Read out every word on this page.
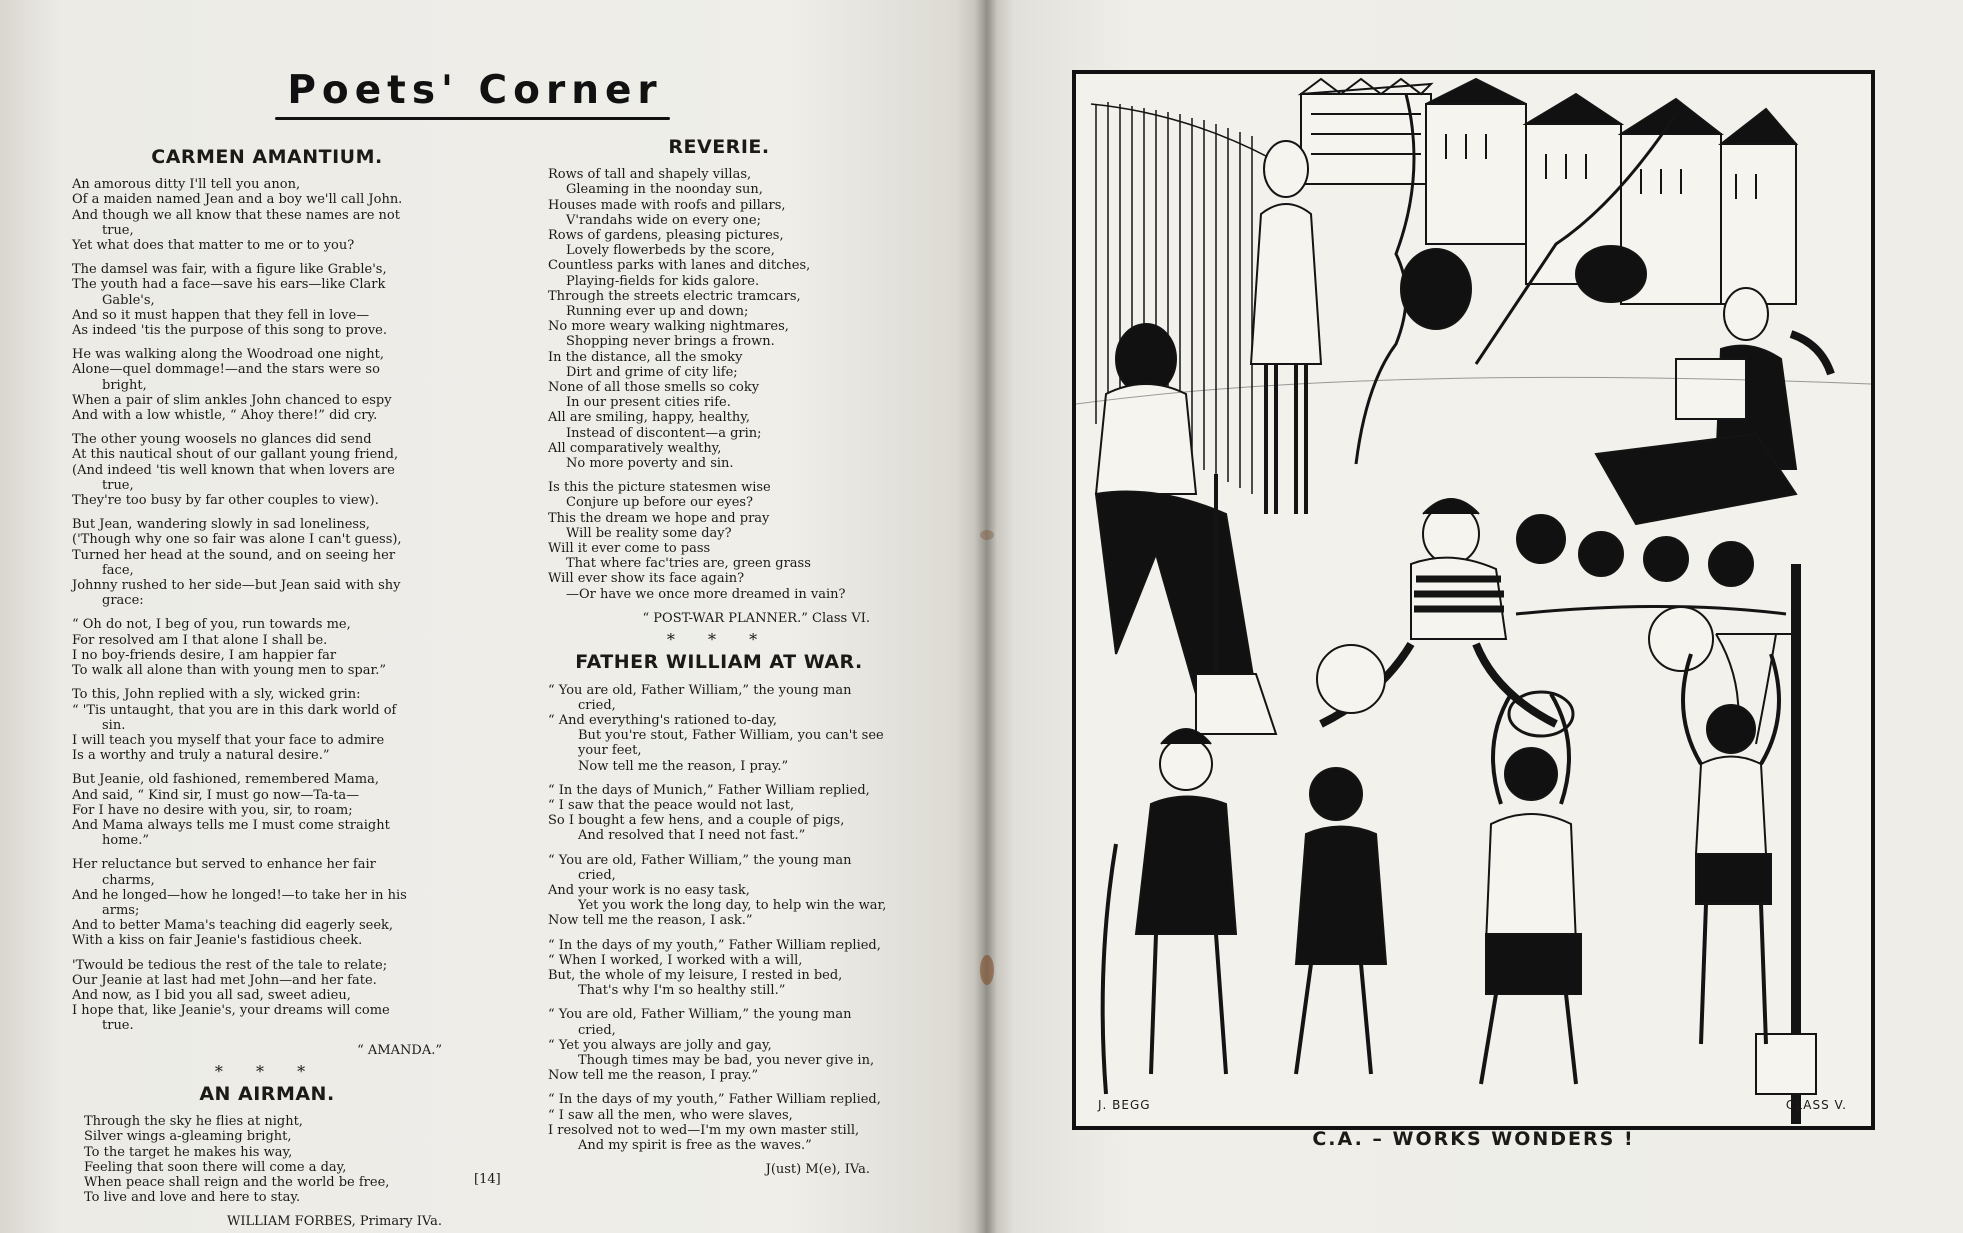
Poets' Corner
CARMEN AMANTIUM.
An amorous ditty I'll tell you anon,
Of a maiden named Jean and a boy we'll call John.
And though we all know that these names are not
true,
Yet what does that matter to me or to you?
The damsel was fair, with a figure like Grable's,
The youth had a face—save his ears—like Clark
Gable's,
And so it must happen that they fell in love—
As indeed 'tis the purpose of this song to prove.
He was walking along the Woodroad one night,
Alone—quel dommage!—and the stars were so
bright,
When a pair of slim ankles John chanced to espy
And with a low whistle, “ Ahoy there!” did cry.
The other young woosels no glances did send
At this nautical shout of our gallant young friend,
(And indeed 'tis well known that when lovers are
true,
They're too busy by far other couples to view).
But Jean, wandering slowly in sad loneliness,
('Though why one so fair was alone I can't guess),
Turned her head at the sound, and on seeing her
face,
Johnny rushed to her side—but Jean said with shy
grace:
“ Oh do not, I beg of you, run towards me,
For resolved am I that alone I shall be.
I no boy-friends desire, I am happier far
To walk all alone than with young men to spar.”
To this, John replied with a sly, wicked grin:
“ 'Tis untaught, that you are in this dark world of
sin.
I will teach you myself that your face to admire
Is a worthy and truly a natural desire.”
But Jeanie, old fashioned, remembered Mama,
And said, “ Kind sir, I must go now—Ta-ta—
For I have no desire with you, sir, to roam;
And Mama always tells me I must come straight
home.”
Her reluctance but served to enhance her fair
charms,
And he longed—how he longed!—to take her in his
arms;
And to better Mama's teaching did eagerly seek,
With a kiss on fair Jeanie's fastidious cheek.
'Twould be tedious the rest of the tale to relate;
Our Jeanie at last had met John—and her fate.
And now, as I bid you all sad, sweet adieu,
I hope that, like Jeanie's, your dreams will come
true.
“ AMANDA.”
* * *
AN AIRMAN.
Through the sky he flies at night,
Silver wings a-gleaming bright,
To the target he makes his way,
Feeling that soon there will come a day,
When peace shall reign and the world be free,
To live and love and here to stay.
WILLIAM FORBES, Primary IVa.
REVERIE.
Rows of tall and shapely villas,
Gleaming in the noonday sun,
Houses made with roofs and pillars,
V'randahs wide on every one;
Rows of gardens, pleasing pictures,
Lovely flowerbeds by the score,
Countless parks with lanes and ditches,
Playing-fields for kids galore.
Through the streets electric tramcars,
Running ever up and down;
No more weary walking nightmares,
Shopping never brings a frown.
In the distance, all the smoky
Dirt and grime of city life;
None of all those smells so coky
In our present cities rife.
All are smiling, happy, healthy,
Instead of discontent—a grin;
All comparatively wealthy,
No more poverty and sin.
Is this the picture statesmen wise
Conjure up before our eyes?
This the dream we hope and pray
Will be reality some day?
Will it ever come to pass
That where fac'tries are, green grass
Will ever show its face again?
—Or have we once more dreamed in vain?
“ POST-WAR PLANNER.” Class VI.
* * *
FATHER WILLIAM AT WAR.
“ You are old, Father William,” the young man
cried,
“ And everything's rationed to-day,
But you're stout, Father William, you can't see
your feet,
Now tell me the reason, I pray.”
“ In the days of Munich,” Father William replied,
“ I saw that the peace would not last,
So I bought a few hens, and a couple of pigs,
And resolved that I need not fast.”
“ You are old, Father William,” the young man
cried,
And your work is no easy task,
Yet you work the long day, to help win the war,
Now tell me the reason, I ask.”
“ In the days of my youth,” Father William replied,
“ When I worked, I worked with a will,
But, the whole of my leisure, I rested in bed,
That's why I'm so healthy still.”
“ You are old, Father William,” the young man
cried,
“ Yet you always are jolly and gay,
Though times may be bad, you never give in,
Now tell me the reason, I pray.”
“ In the days of my youth,” Father William replied,
“ I saw all the men, who were slaves,
I resolved not to wed—I'm my own master still,
And my spirit is free as the waves.”
J(ust) M(e), IVa.
[14]
J. BEGG	CLASS V.
C.A. – WORKS WONDERS !
